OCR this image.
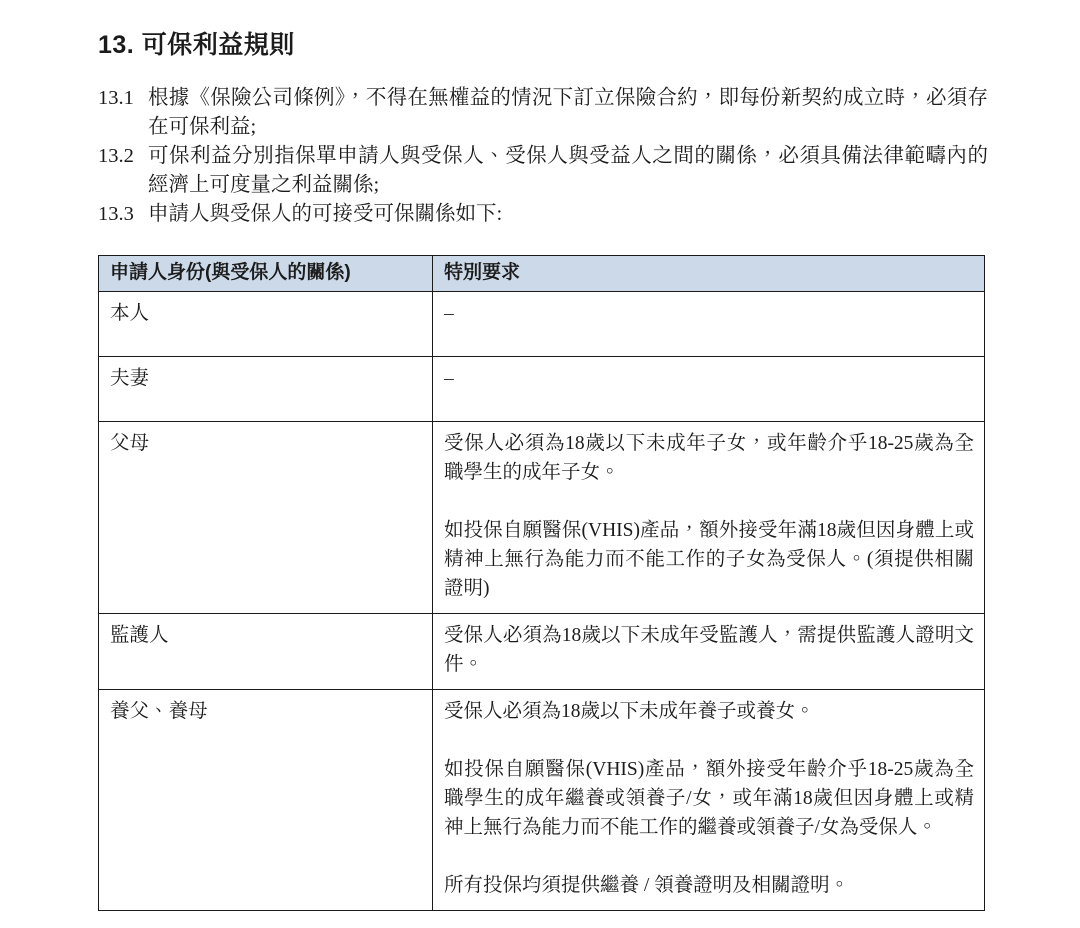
13. 可保利益規則
13.1 根據《保險公司條例》，不得在無權益的情況下訂立保險合約，即每份新契約成立時，必須存在可保利益;
13.2 可保利益分別指保單申請人與受保人、受保人與受益人之間的關係，必須具備法律範疇內的經濟上可度量之利益關係;
13.3 申請人與受保人的可接受可保關係如下:
申請人身份(與受保人的關係)	特別要求
本人	–

夫妻	–

父母	受保人必須為18歲以下未成年子女，或年齡介乎18-25歲為全職學生的成年子女。

如投保自願醫保(VHIS)產品，額外接受年滿18歲但因身體上或精神上無行為能力而不能工作的子女為受保人。(須提供相關證明)

監護人	受保人必須為18歲以下未成年受監護人，需提供監護人證明文件。

養父、養母	受保人必須為18歲以下未成年養子或養女。

如投保自願醫保(VHIS)產品，額外接受年齡介乎18-25歲為全職學生的成年繼養或領養子/女，或年滿18歲但因身體上或精神上無行為能力而不能工作的繼養或領養子/女為受保人。

所有投保均須提供繼養 / 領養證明及相關證明。
